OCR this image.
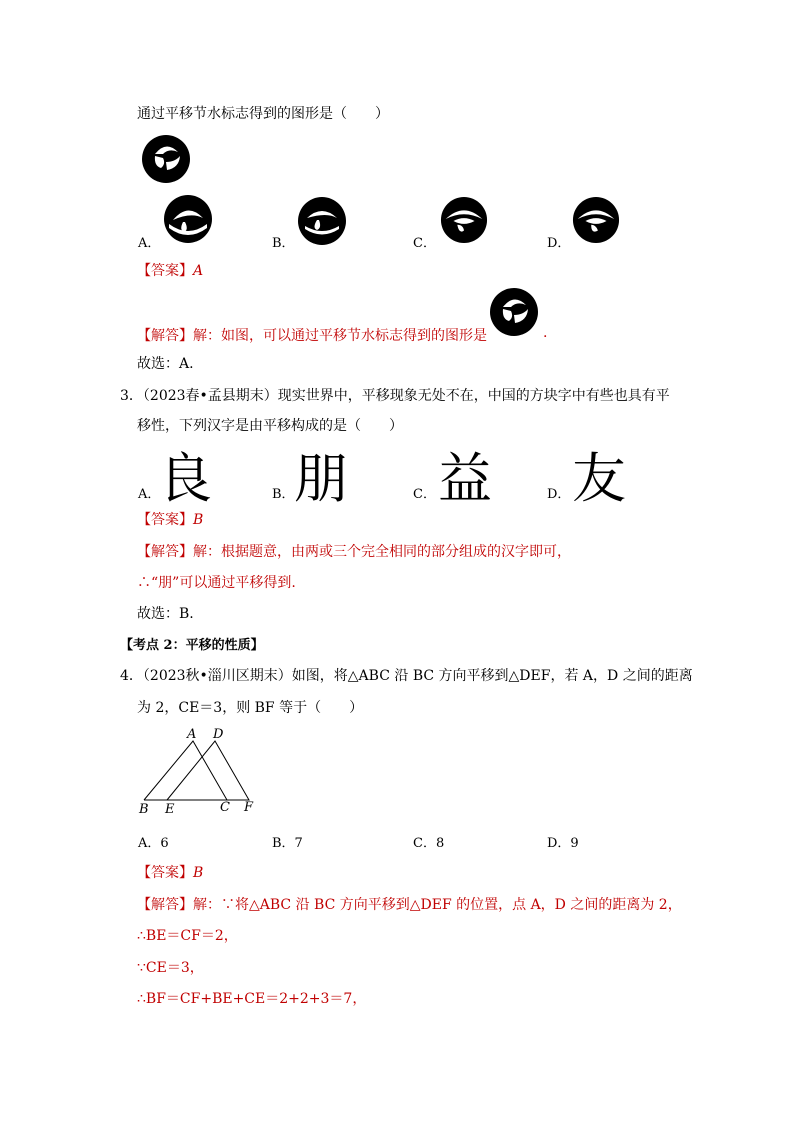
通过平移节水标志得到的图形是（　　）
A．	B．	C．	D．
【答案】A
【解答】解：如图，可以通过平移节水标志得到的图形是	.
故选：A.
3．（2023春•孟县期末）现实世界中，平移现象无处不在，中国的方块字中有些也具有平
移性，下列汉字是由平移构成的是（　　）
A．
良	B． 朋	C． 益	D． 友
【答案】B
【解答】解：根据题意，由两或三个完全相同的部分组成的汉字即可，
∴“朋”可以通过平移得到.
故选：B.
【考点 2：平移的性质】
4．（2023秋•淄川区期末）如图，将△ABC 沿 BC 方向平移到△DEF，若 A，D 之间的距离
为 2，CE＝3，则 BF 等于（　　）
A D
B E	C F
A．6	B．7	C．8	D．9
【答案】B
【解答】解：∵将△ABC 沿 BC 方向平移到△DEF 的位置，点 A，D 之间的距离为 2，
∴BE＝CF＝2，
∵CE＝3，
∴BF＝CF+BE+CE＝2+2+3＝7，
